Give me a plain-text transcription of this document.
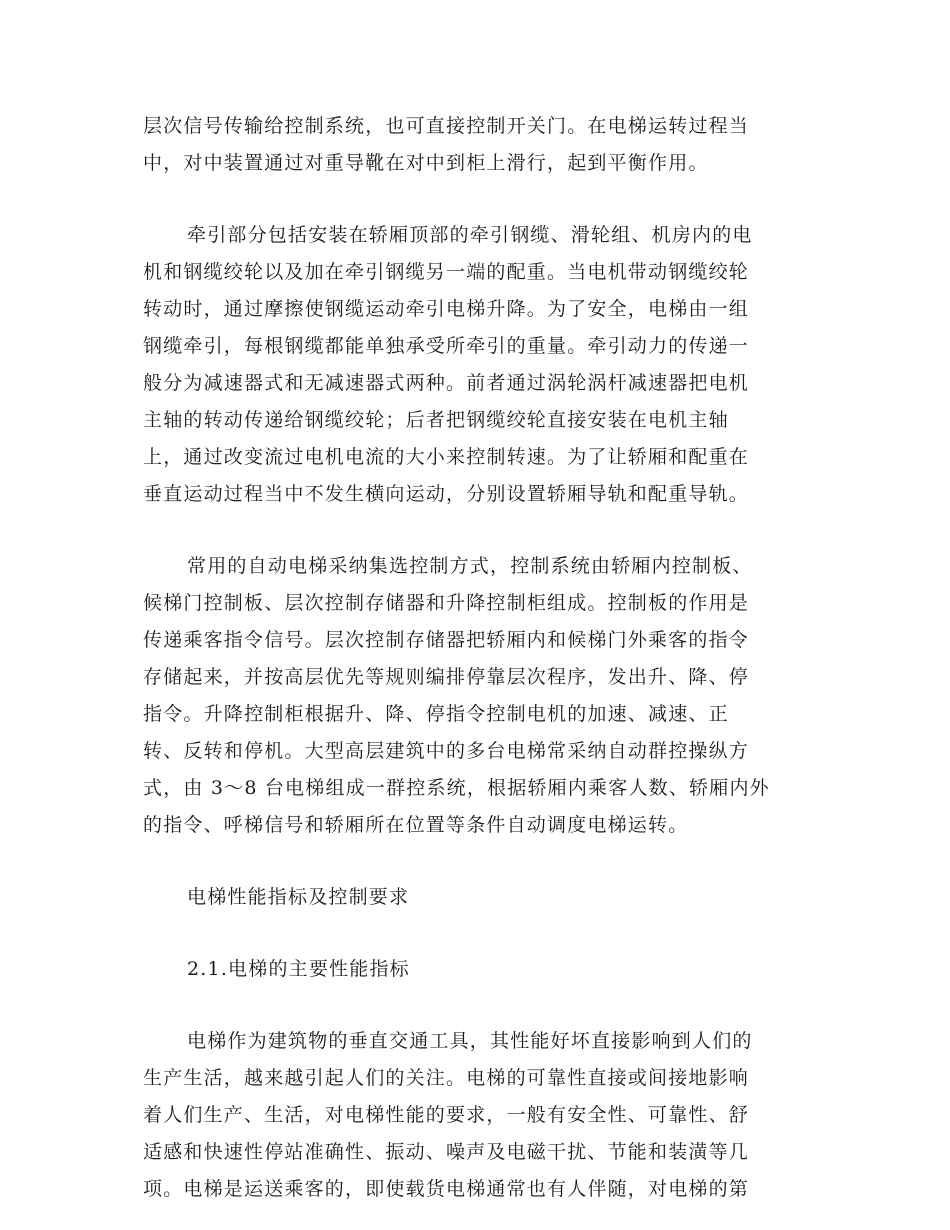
层次信号传输给控制系统，也可直接控制开关门。在电梯运转过程当
中，对中装置通过对重导靴在对中到柜上滑行，起到平衡作用。
牵引部分包括安装在轿厢顶部的牵引钢缆、滑轮组、机房内的电
机和钢缆绞轮以及加在牵引钢缆另一端的配重。当电机带动钢缆绞轮
转动时，通过摩擦使钢缆运动牵引电梯升降。为了安全，电梯由一组
钢缆牵引，每根钢缆都能单独承受所牵引的重量。牵引动力的传递一
般分为减速器式和无减速器式两种。前者通过涡轮涡杆减速器把电机
主轴的转动传递给钢缆绞轮；后者把钢缆绞轮直接安装在电机主轴
上，通过改变流过电机电流的大小来控制转速。为了让轿厢和配重在
垂直运动过程当中不发生横向运动，分别设置轿厢导轨和配重导轨。
常用的自动电梯采纳集选控制方式，控制系统由轿厢内控制板、
候梯门控制板、层次控制存储器和升降控制柜组成。控制板的作用是
传递乘客指令信号。层次控制存储器把轿厢内和候梯门外乘客的指令
存储起来，并按高层优先等规则编排停靠层次程序，发出升、降、停
指令。升降控制柜根据升、降、停指令控制电机的加速、减速、正
转、反转和停机。大型高层建筑中的多台电梯常采纳自动群控操纵方
式，由 3～8 台电梯组成一群控系统，根据轿厢内乘客人数、轿厢内外
的指令、呼梯信号和轿厢所在位置等条件自动调度电梯运转。
电梯性能指标及控制要求
2.1.电梯的主要性能指标
电梯作为建筑物的垂直交通工具，其性能好坏直接影响到人们的
生产生活，越来越引起人们的关注。电梯的可靠性直接或间接地影响
着人们生产、生活，对电梯性能的要求，一般有安全性、可靠性、舒
适感和快速性停站准确性、振动、噪声及电磁干扰、节能和装潢等几
项。电梯是运送乘客的，即使载货电梯通常也有人伴随，对电梯的第
